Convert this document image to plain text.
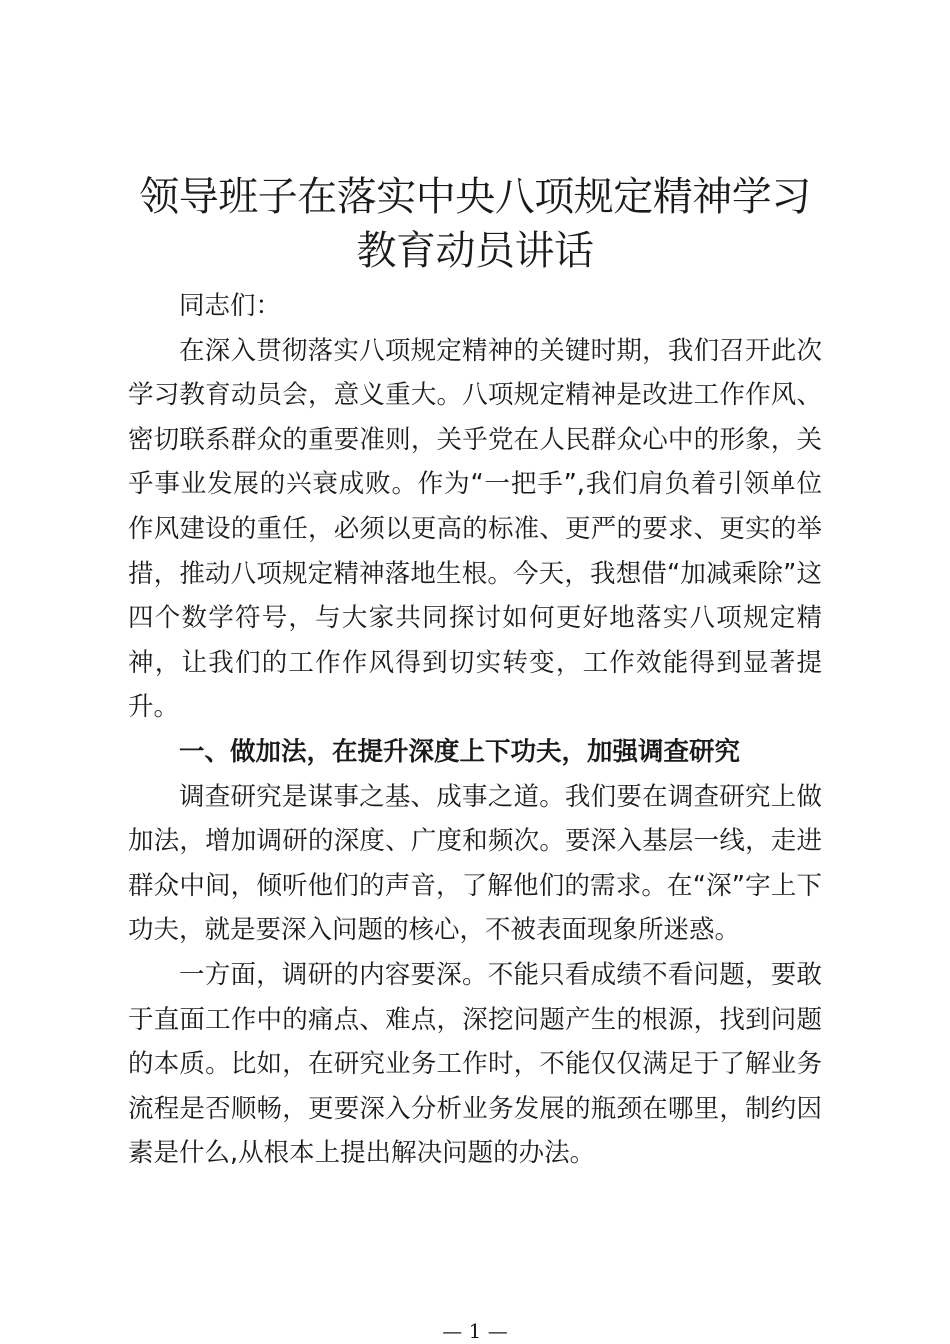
领导班子在落实中央八项规定精神学习教育动员讲话

同志们：

在深入贯彻落实八项规定精神的关键时期，我们召开此次学习教育动员会，意义重大。八项规定精神是改进工作作风、密切联系群众的重要准则，关乎党在人民群众心中的形象，关乎事业发展的兴衰成败。作为“一把手”,我们肩负着引领单位作风建设的重任，必须以更高的标准、更严的要求、更实的举措，推动八项规定精神落地生根。今天，我想借“加减乘除”这四个数学符号，与大家共同探讨如何更好地落实八项规定精神，让我们的工作作风得到切实转变，工作效能得到显著提升。

一、做加法，在提升深度上下功夫，加强调查研究

调查研究是谋事之基、成事之道。我们要在调查研究上做加法，增加调研的深度、广度和频次。要深入基层一线，走进群众中间，倾听他们的声音，了解他们的需求。在“深”字上下功夫，就是要深入问题的核心，不被表面现象所迷惑。

一方面，调研的内容要深。不能只看成绩不看问题，要敢于直面工作中的痛点、难点，深挖问题产生的根源，找到问题的本质。比如，在研究业务工作时，不能仅仅满足于了解业务流程是否顺畅，更要深入分析业务发展的瓶颈在哪里，制约因素是什么,从根本上提出解决问题的办法。

— 1 —
